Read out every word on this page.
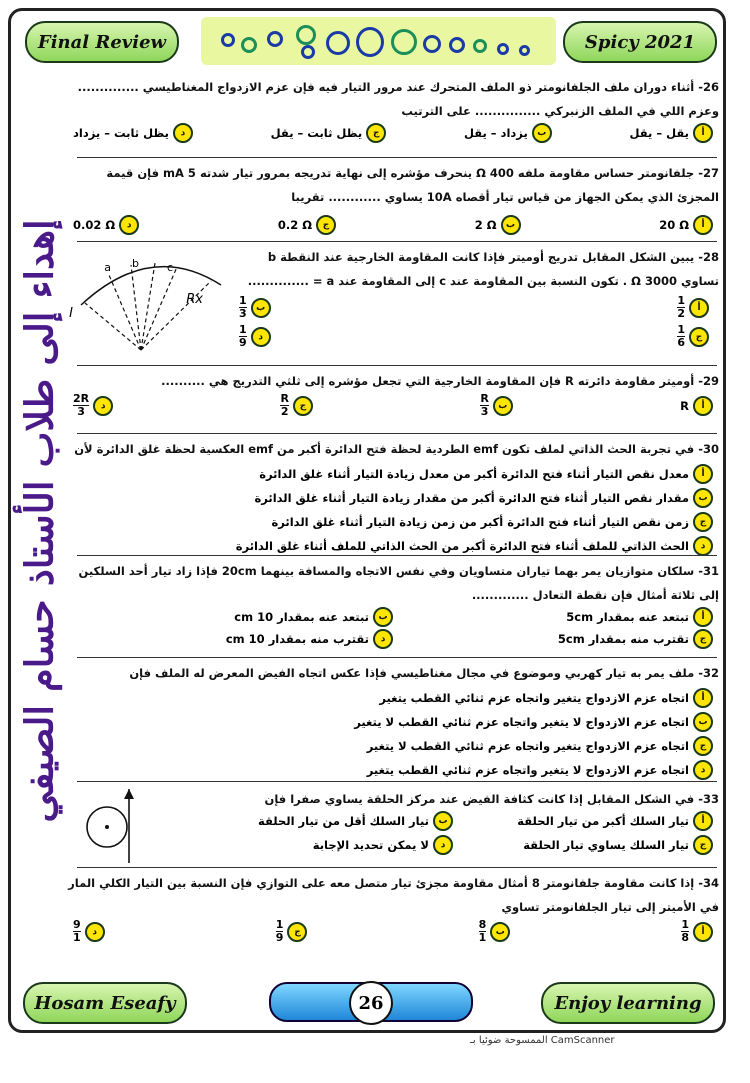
Final Review	Spicy 2021
إهداء إلى طلاب الأستاذ حسام الصيفي
26- أثناء دوران ملف الجلفانومتر ذو الملف المتحرك عند مرور التيار فيه فإن عزم الازدواج المغناطيسي ..............
وعزم اللي في الملف الزنبركي ............... على الترتيب
أ
يقل – يقل
ب
يزداد – يقل
ج
يظل ثابت – يقل
د
يظل ثابت – يزداد
27- جلفانومتر حساس مقاومة ملفه 400 Ω ينحرف مؤشره إلى نهاية تدريجه بمرور تيار شدته 5 mA فإن قيمة
المجزئ الذي يمكن الجهاز من قياس تيار أقصاه 10A يساوي ............ تقريبا
أ
20 Ω
ب
2 Ω
ج
0.2 Ω
د
0.02 Ω
28- يبين الشكل المقابل تدريج أوميتر فإذا كانت المقاومة الخارجية عند النقطة b
تساوي 3000 Ω . تكون النسبة بين المقاومة عند c إلى المقاومة عند a = ..............
أ
$\frac{1}{2}$
ج
$\frac{1}{6}$
ب
$\frac{1}{3}$
د
$\frac{1}{9}$
I
a b	c
Rx
29- أوميتر مقاومة دائرته R فإن المقاومة الخارجية التي تجعل مؤشره إلى ثلثي التدريج هي ..........
أ
R
ب
$\frac{R}{3}$
ج
$\frac{R}{2}$
د
$\frac{2R}{3}$
30- في تجربة الحث الذاتي لملف تكون emf الطردية لحظة فتح الدائرة أكبر من emf العكسية لحظة غلق الدائرة لأن
أ
معدل نقص التيار أثناء فتح الدائرة أكبر من معدل زيادة التيار أثناء غلق الدائرة
ب
مقدار نقص التيار أثناء فتح الدائرة أكبر من مقدار زيادة التيار أثناء غلق الدائرة
ج
زمن نقص التيار أثناء فتح الدائرة أكبر من زمن زيادة التيار أثناء غلق الدائرة
د
الحث الذاتي للملف أثناء فتح الدائرة أكبر من الحث الذاتي للملف أثناء غلق الدائرة
31- سلكان متوازيان يمر بهما تياران متساويان وفي نفس الاتجاه والمسافة بينهما 20cm فإذا زاد تيار أحد السلكين
إلى ثلاثة أمثال فإن نقطة التعادل .............
أ
تبتعد عنه بمقدار 5cm
ب
تبتعد عنه بمقدار 10 cm
ج
تقترب منه بمقدار 5cm
د
تقترب منه بمقدار 10 cm
32- ملف يمر به تيار كهربي وموضوع في مجال مغناطيسي فإذا عكس اتجاه الفيض المعرض له الملف فإن
أ
اتجاه عزم الازدواج يتغير واتجاه عزم ثنائي القطب يتغير
ب
اتجاه عزم الازدواج لا يتغير واتجاه عزم ثنائي القطب لا يتغير
ج
اتجاه عزم الازدواج يتغير واتجاه عزم ثنائي القطب لا يتغير
د
اتجاه عزم الازدواج لا يتغير واتجاه عزم ثنائي القطب يتغير
33- في الشكل المقابل إذا كانت كثافة الفيض عند مركز الحلقة يساوي صفرا فإن
أ
تيار السلك أكبر من تيار الحلقة
ب
تيار السلك أقل من تيار الحلقة
ج
تيار السلك يساوي تيار الحلقة
د
لا يمكن تحديد الإجابة
34- إذا كانت مقاومة جلفانومتر 8 أمثال مقاومة مجزئ تيار متصل معه على التوازي فإن النسبة بين التيار الكلي المار
في الأميتر إلى تيار الجلفانومتر تساوي
أ
$\frac{1}{8}$
ب
$\frac{8}{1}$
ج
$\frac{1}{9}$
د
$\frac{9}{1}$
Hosam Eseafy	26	Enjoy learning
الممسوحة ضوئيا بـ CamScanner
